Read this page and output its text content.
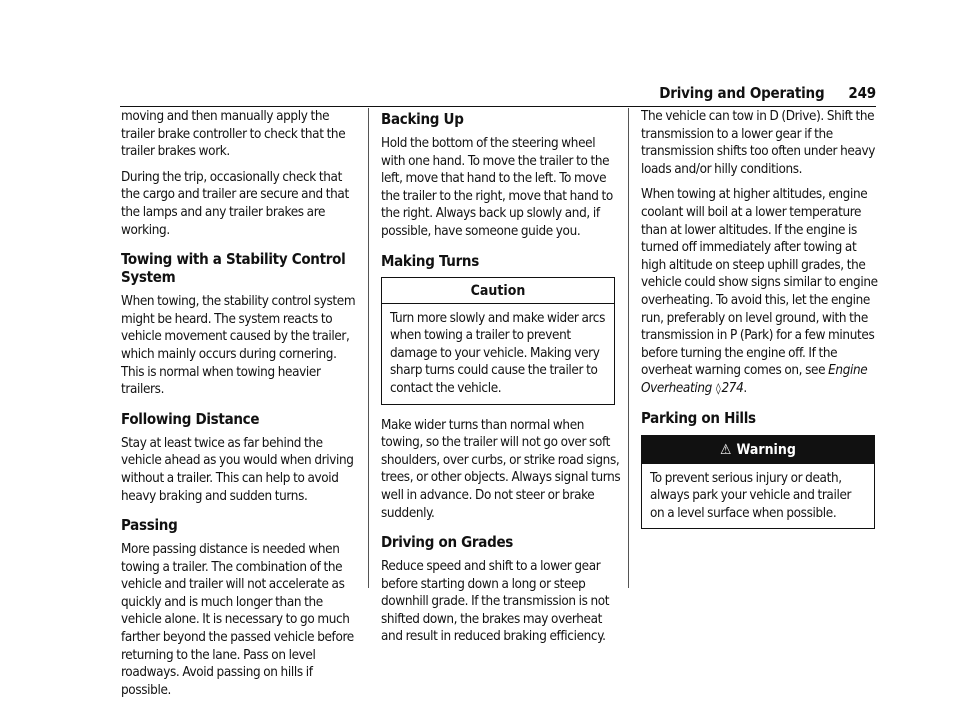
Driving and Operating 249

moving and then manually apply the trailer brake controller to check that the trailer brakes work.

During the trip, occasionally check that the cargo and trailer are secure and that the lamps and any trailer brakes are working.

Towing with a Stability Control System

When towing, the stability control system might be heard. The system reacts to vehicle movement caused by the trailer, which mainly occurs during cornering. This is normal when towing heavier trailers.

Following Distance

Stay at least twice as far behind the vehicle ahead as you would when driving without a trailer. This can help to avoid heavy braking and sudden turns.

Passing

More passing distance is needed when towing a trailer. The combination of the vehicle and trailer will not accelerate as quickly and is much longer than the vehicle alone. It is necessary to go much farther beyond the passed vehicle before returning to the lane. Pass on level roadways. Avoid passing on hills if possible.

Backing Up

Hold the bottom of the steering wheel with one hand. To move the trailer to the left, move that hand to the left. To move the trailer to the right, move that hand to the right. Always back up slowly and, if possible, have someone guide you.

Making Turns
Caution

Turn more slowly and make wider arcs when towing a trailer to prevent damage to your vehicle. Making very sharp turns could cause the trailer to contact the vehicle.

Make wider turns than normal when towing, so the trailer will not go over soft shoulders, over curbs, or strike road signs, trees, or other objects. Always signal turns well in advance. Do not steer or brake suddenly.

Driving on Grades

Reduce speed and shift to a lower gear before starting down a long or steep downhill grade. If the transmission is not shifted down, the brakes may overheat and result in reduced braking efficiency.

The vehicle can tow in D (Drive). Shift the transmission to a lower gear if the transmission shifts too often under heavy loads and/or hilly conditions.

When towing at higher altitudes, engine coolant will boil at a lower temperature than at lower altitudes. If the engine is turned off immediately after towing at high altitude on steep uphill grades, the vehicle could show signs similar to engine overheating. To avoid this, let the engine run, preferably on level ground, with the transmission in P (Park) for a few minutes before turning the engine off. If the overheat warning comes on, see Engine Overheating ◊274.

Parking on Hills
⚠ Warning

To prevent serious injury or death, always park your vehicle and trailer on a level surface when possible.
